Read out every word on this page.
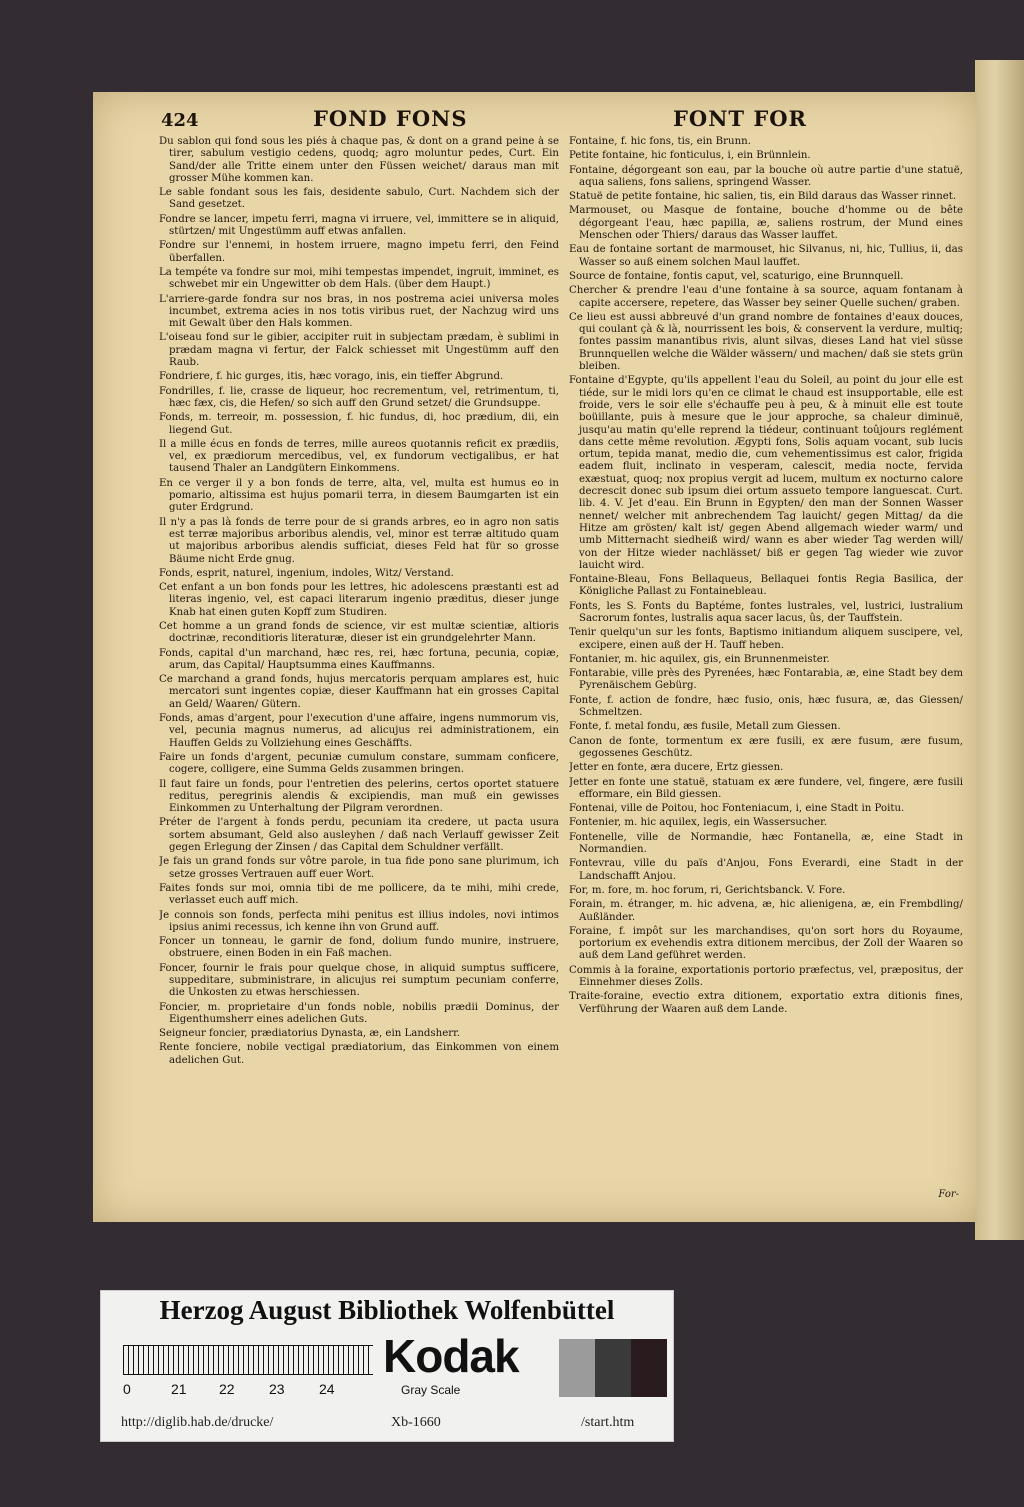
424	FOND FONS	FONT FOR

Du sablon qui fond sous les piés à chaque pas, & dont on a grand peine à se tirer, sabulum vestigio cedens, quodq; agro moluntur pedes, Curt. Ein Sand/der alle Tritte einem unter den Füssen weichet/ daraus man mit grosser Mühe kommen kan.

Le sable fondant sous les fais, desidente sabulo, Curt. Nachdem sich der Sand gesetzet.

Fondre se lancer, impetu ferri, magna vi irruere, vel, immittere se in aliquid, stürtzen/ mit Ungestümm auff etwas anfallen.

Fondre sur l'ennemi, in hostem irruere, magno impetu ferri, den Feind überfallen.

La tempéte va fondre sur moi, mihi tempestas impendet, ingruit, imminet, es schwebet mir ein Ungewitter ob dem Hals. (über dem Haupt.)

L'arriere-garde fondra sur nos bras, in nos postrema aciei universa moles incumbet, extrema acies in nos totis viribus ruet, der Nachzug wird uns mit Gewalt über den Hals kommen.

L'oiseau fond sur le gibier, accipiter ruit in subjectam prædam, è sublimi in prædam magna vi fertur, der Falck schiesset mit Ungestümm auff den Raub.

Fondriere, f. hic gurges, itis, hæc vorago, inis, ein tieffer Abgrund.

Fondrilles, f. lie, crasse de liqueur, hoc recrementum, vel, retrimentum, ti, hæc fæx, cis, die Hefen/ so sich auff den Grund setzet/ die Grundsuppe.

Fonds, m. terreoir, m. possession, f. hic fundus, di, hoc prædium, dii, ein liegend Gut.

Il a mille écus en fonds de terres, mille aureos quotannis reficit ex prædiis, vel, ex prædiorum mercedibus, vel, ex fundorum vectigalibus, er hat tausend Thaler an Landgütern Einkommens.

En ce verger il y a bon fonds de terre, alta, vel, multa est humus eo in pomario, altissima est hujus pomarii terra, in diesem Baumgarten ist ein guter Erdgrund.

Il n'y a pas là fonds de terre pour de si grands arbres, eo in agro non satis est terræ majoribus arboribus alendis, vel, minor est terræ altitudo quam ut majoribus arboribus alendis sufficiat, dieses Feld hat für so grosse Bäume nicht Erde gnug.

Fonds, esprit, naturel, ingenium, indoles, Witz/ Verstand.

Cet enfant a un bon fonds pour les lettres, hic adolescens præstanti est ad literas ingenio, vel, est capaci literarum ingenio præditus, dieser junge Knab hat einen guten Kopff zum Studiren.

Cet homme a un grand fonds de science, vir est multæ scientiæ, altioris doctrinæ, reconditioris literaturæ, dieser ist ein grundgelehrter Mann.

Fonds, capital d'un marchand, hæc res, rei, hæc fortuna, pecunia, copiæ, arum, das Capital/ Hauptsumma eines Kauffmanns.

Ce marchand a grand fonds, hujus mercatoris perquam amplares est, huic mercatori sunt ingentes copiæ, dieser Kauffmann hat ein grosses Capital an Geld/ Waaren/ Gütern.

Fonds, amas d'argent, pour l'execution d'une affaire, ingens nummorum vis, vel, pecunia magnus numerus, ad alicujus rei administrationem, ein Hauffen Gelds zu Vollziehung eines Geschäffts.

Faire un fonds d'argent, pecuniæ cumulum constare, summam conficere, cogere, colligere, eine Summa Gelds zusammen bringen.

Il faut faire un fonds, pour l'entretien des pelerins, certos oportet statuere reditus, peregrinis alendis & excipiendis, man muß ein gewisses Einkommen zu Unterhaltung der Pilgram verordnen.

Préter de l'argent à fonds perdu, pecuniam ita credere, ut pacta usura sortem absumant, Geld also ausleyhen / daß nach Verlauff gewisser Zeit gegen Erlegung der Zinsen / das Capital dem Schuldner verfällt.

Je fais un grand fonds sur vôtre parole, in tua fide pono sane plurimum, ich setze grosses Vertrauen auff euer Wort.

Faites fonds sur moi, omnia tibi de me pollicere, da te mihi, mihi crede, verlasset euch auff mich.

Je connois son fonds, perfecta mihi penitus est illius indoles, novi intimos ipsius animi recessus, ich kenne ihn von Grund auff.

Foncer un tonneau, le garnir de fond, dolium fundo munire, instruere, obstruere, einen Boden in ein Faß machen.

Foncer, fournir le frais pour quelque chose, in aliquid sumptus sufficere, suppeditare, subministrare, in alicujus rei sumptum pecuniam conferre, die Unkosten zu etwas herschiessen.

Foncier, m. proprietaire d'un fonds noble, nobilis prædii Dominus, der Eigenthumsherr eines adelichen Guts.

Seigneur foncier, prædiatorius Dynasta, æ, ein Landsherr.

Rente fonciere, nobile vectigal prædiatorium, das Einkommen von einem adelichen Gut.

Fontaine, f. hic fons, tis, ein Brunn.

Petite fontaine, hic fonticulus, i, ein Brünnlein.

Fontaine, dégorgeant son eau, par la bouche où autre partie d'une statuë, aqua saliens, fons saliens, springend Wasser.

Statuë de petite fontaine, hic salien, tis, ein Bild daraus das Wasser rinnet.

Marmouset, ou Masque de fontaine, bouche d'homme ou de bête dégorgeant l'eau, hæc papilla, æ, saliens rostrum, der Mund eines Menschen oder Thiers/ daraus das Wasser lauffet.

Eau de fontaine sortant de marmouset, hic Silvanus, ni, hic, Tullius, ii, das Wasser so auß einem solchen Maul lauffet.

Source de fontaine, fontis caput, vel, scaturigo, eine Brunnquell.

Chercher & prendre l'eau d'une fontaine à sa source, aquam fontanam à capite accersere, repetere, das Wasser bey seiner Quelle suchen/ graben.

Ce lieu est aussi abbreuvé d'un grand nombre de fontaines d'eaux douces, qui coulant çà & là, nourrissent les bois, & conservent la verdure, multiq; fontes passim manantibus rivis, alunt silvas, dieses Land hat viel süsse Brunnquellen welche die Wälder wässern/ und machen/ daß sie stets grün bleiben.

Fontaine d'Egypte, qu'ils appellent l'eau du Soleil, au point du jour elle est tiéde, sur le midi lors qu'en ce climat le chaud est insupportable, elle est froide, vers le soir elle s'échauffe peu à peu, & à minuit elle est toute boüillante, puis à mesure que le jour approche, sa chaleur diminuë, jusqu'au matin qu'elle reprend la tiédeur, continuant toûjours reglément dans cette même revolution. Ægypti fons, Solis aquam vocant, sub lucis ortum, tepida manat, medio die, cum vehementissimus est calor, frigida eadem fluit, inclinato in vesperam, calescit, media nocte, fervida exæstuat, quoq; nox propius vergit ad lucem, multum ex nocturno calore decrescit donec sub ipsum diei ortum assueto tempore languescat. Curt. lib. 4. V. Jet d'eau. Ein Brunn in Egypten/ den man der Sonnen Wasser nennet/ welcher mit anbrechendem Tag lauicht/ gegen Mittag/ da die Hitze am grösten/ kalt ist/ gegen Abend allgemach wieder warm/ und umb Mitternacht siedheiß wird/ wann es aber wieder Tag werden will/ von der Hitze wieder nachlässet/ biß er gegen Tag wieder wie zuvor lauicht wird.

Fontaine-Bleau, Fons Bellaqueus, Bellaquei fontis Regia Basilica, der Königliche Pallast zu Fontainebleau.

Fonts, les S. Fonts du Baptéme, fontes lustrales, vel, lustrici, lustralium Sacrorum fontes, lustralis aqua sacer lacus, ûs, der Tauffstein.

Tenir quelqu'un sur les fonts, Baptismo initiandum aliquem suscipere, vel, excipere, einen auß der H. Tauff heben.

Fontanier, m. hic aquilex, gis, ein Brunnenmeister.

Fontarabie, ville près des Pyrenées, hæc Fontarabia, æ, eine Stadt bey dem Pyrenäischem Gebürg.

Fonte, f. action de fondre, hæc fusio, onis, hæc fusura, æ, das Giessen/ Schmeltzen.

Fonte, f. metal fondu, æs fusile, Metall zum Giessen.

Canon de fonte, tormentum ex ære fusili, ex ære fusum, ære fusum, gegossenes Geschütz.

Jetter en fonte, æra ducere, Ertz giessen.

Jetter en fonte une statuë, statuam ex ære fundere, vel, fingere, ære fusili efformare, ein Bild giessen.

Fontenai, ville de Poitou, hoc Fonteniacum, i, eine Stadt in Poitu.

Fontenier, m. hic aquilex, legis, ein Wassersucher.

Fontenelle, ville de Normandie, hæc Fontanella, æ, eine Stadt in Normandien.

Fontevrau, ville du païs d'Anjou, Fons Everardi, eine Stadt in der Landschafft Anjou.

For, m. fore, m. hoc forum, ri, Gerichtsbanck. V. Fore.

Forain, m. étranger, m. hic advena, æ, hic alienigena, æ, ein Frembdling/ Außländer.

Foraine, f. impôt sur les marchandises, qu'on sort hors du Royaume, portorium ex evehendis extra ditionem mercibus, der Zoll der Waaren so auß dem Land geführet werden.

Commis à la foraine, exportationis portorio præfectus, vel, præpositus, der Einnehmer dieses Zolls.

Traite-foraine, evectio extra ditionem, exportatio extra ditionis fines, Verführung der Waaren auß dem Lande.

For-
Herzog August Bibliothek Wolfenbüttel
0	21 22 23 24
Kodak
Gray Scale
http://diglib.hab.de/drucke/	Xb-1660	/start.htm
